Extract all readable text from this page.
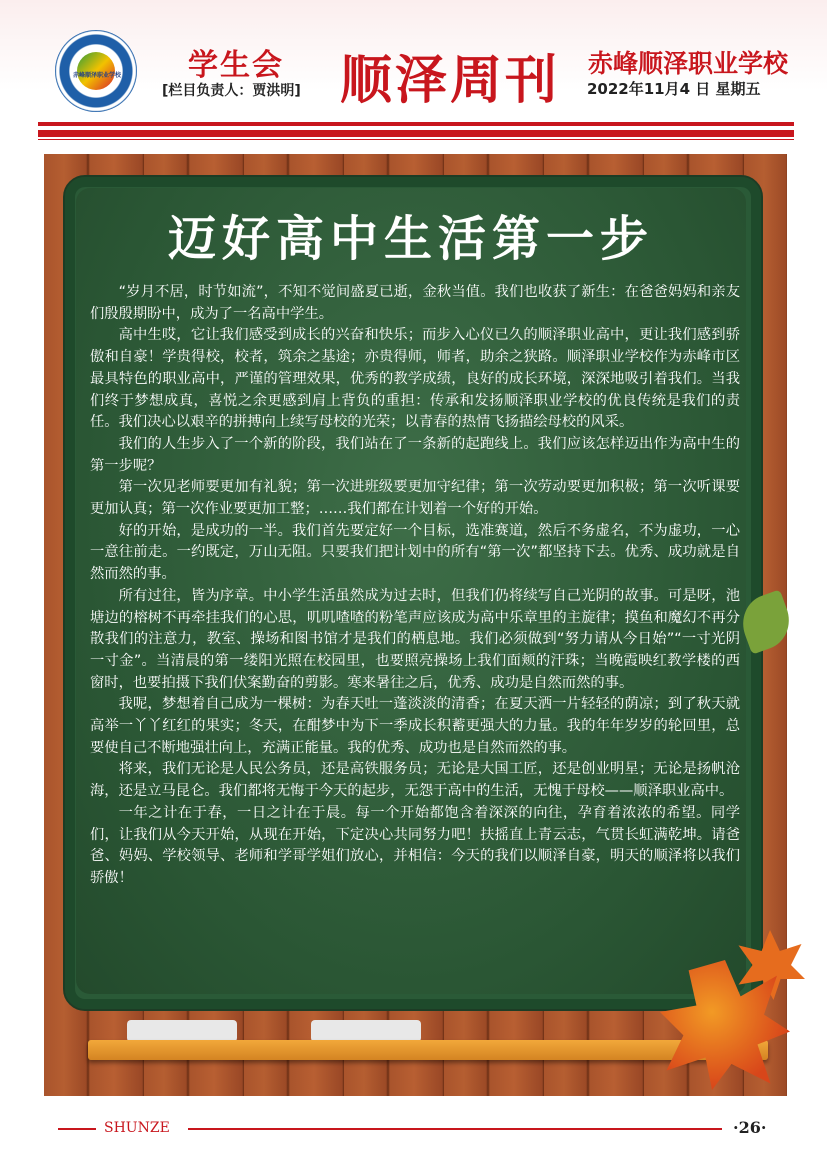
赤峰顺泽职业学校	学生会
[栏目负责人：贾洪明] 顺泽周刊 赤峰顺泽职业学校
2022年11月4 日 星期五
迈好高中生活第一步

“岁月不居，时节如流”，不知不觉间盛夏已逝，金秋当值。我们也收获了新生：在爸爸妈妈和亲友们殷殷期盼中，成为了一名高中学生。

高中生哎，它让我们感受到成长的兴奋和快乐；而步入心仪已久的顺泽职业高中，更让我们感到骄傲和自豪！学贵得校，校者，筑余之基途；亦贵得师，师者，助余之狭路。顺泽职业学校作为赤峰市区最具特色的职业高中，严谨的管理效果，优秀的教学成绩，良好的成长环境，深深地吸引着我们。当我们终于梦想成真，喜悦之余更感到肩上背负的重担：传承和发扬顺泽职业学校的优良传统是我们的责任。我们决心以艰辛的拼搏向上续写母校的光荣；以青春的热情飞扬描绘母校的风采。

我们的人生步入了一个新的阶段，我们站在了一条新的起跑线上。我们应该怎样迈出作为高中生的第一步呢？

第一次见老师要更加有礼貌；第一次进班级要更加守纪律；第一次劳动要更加积极；第一次听课要更加认真；第一次作业要更加工整；……我们都在计划着一个好的开始。

好的开始，是成功的一半。我们首先要定好一个目标，选准赛道，然后不务虚名，不为虚功，一心一意往前走。一约既定，万山无阻。只要我们把计划中的所有“第一次”都坚持下去。优秀、成功就是自然而然的事。

所有过往，皆为序章。中小学生活虽然成为过去时，但我们仍将续写自己光阴的故事。可是呀，池塘边的榕树不再牵挂我们的心思，叽叽喳喳的粉笔声应该成为高中乐章里的主旋律；摸鱼和魔幻不再分散我们的注意力，教室、操场和图书馆才是我们的栖息地。我们必须做到“努力请从今日始”“一寸光阴一寸金”。当清晨的第一缕阳光照在校园里，也要照亮操场上我们面颊的汗珠；当晚霞映红教学楼的西窗时，也要拍摄下我们伏案勤奋的剪影。寒来暑往之后，优秀、成功是自然而然的事。

我呢，梦想着自己成为一棵树：为春天吐一蓬淡淡的清香；在夏天洒一片轻轻的荫凉；到了秋天就高举一丫丫红红的果实；冬天，在酣梦中为下一季成长积蓄更强大的力量。我的年年岁岁的轮回里，总要使自己不断地强壮向上，充满正能量。我的优秀、成功也是自然而然的事。

将来，我们无论是人民公务员，还是高铁服务员；无论是大国工匠，还是创业明星；无论是扬帆沧海，还是立马昆仑。我们都将无悔于今天的起步，无怨于高中的生活，无愧于母校——顺泽职业高中。

一年之计在于春，一日之计在于晨。每一个开始都饱含着深深的向往，孕育着浓浓的希望。同学们，让我们从今天开始，从现在开始，下定决心共同努力吧！扶摇直上青云志，气贯长虹满乾坤。请爸爸、妈妈、学校领导、老师和学哥学姐们放心，并相信：今天的我们以顺泽自豪，明天的顺泽将以我们骄傲！

SHUNZE	·26·
